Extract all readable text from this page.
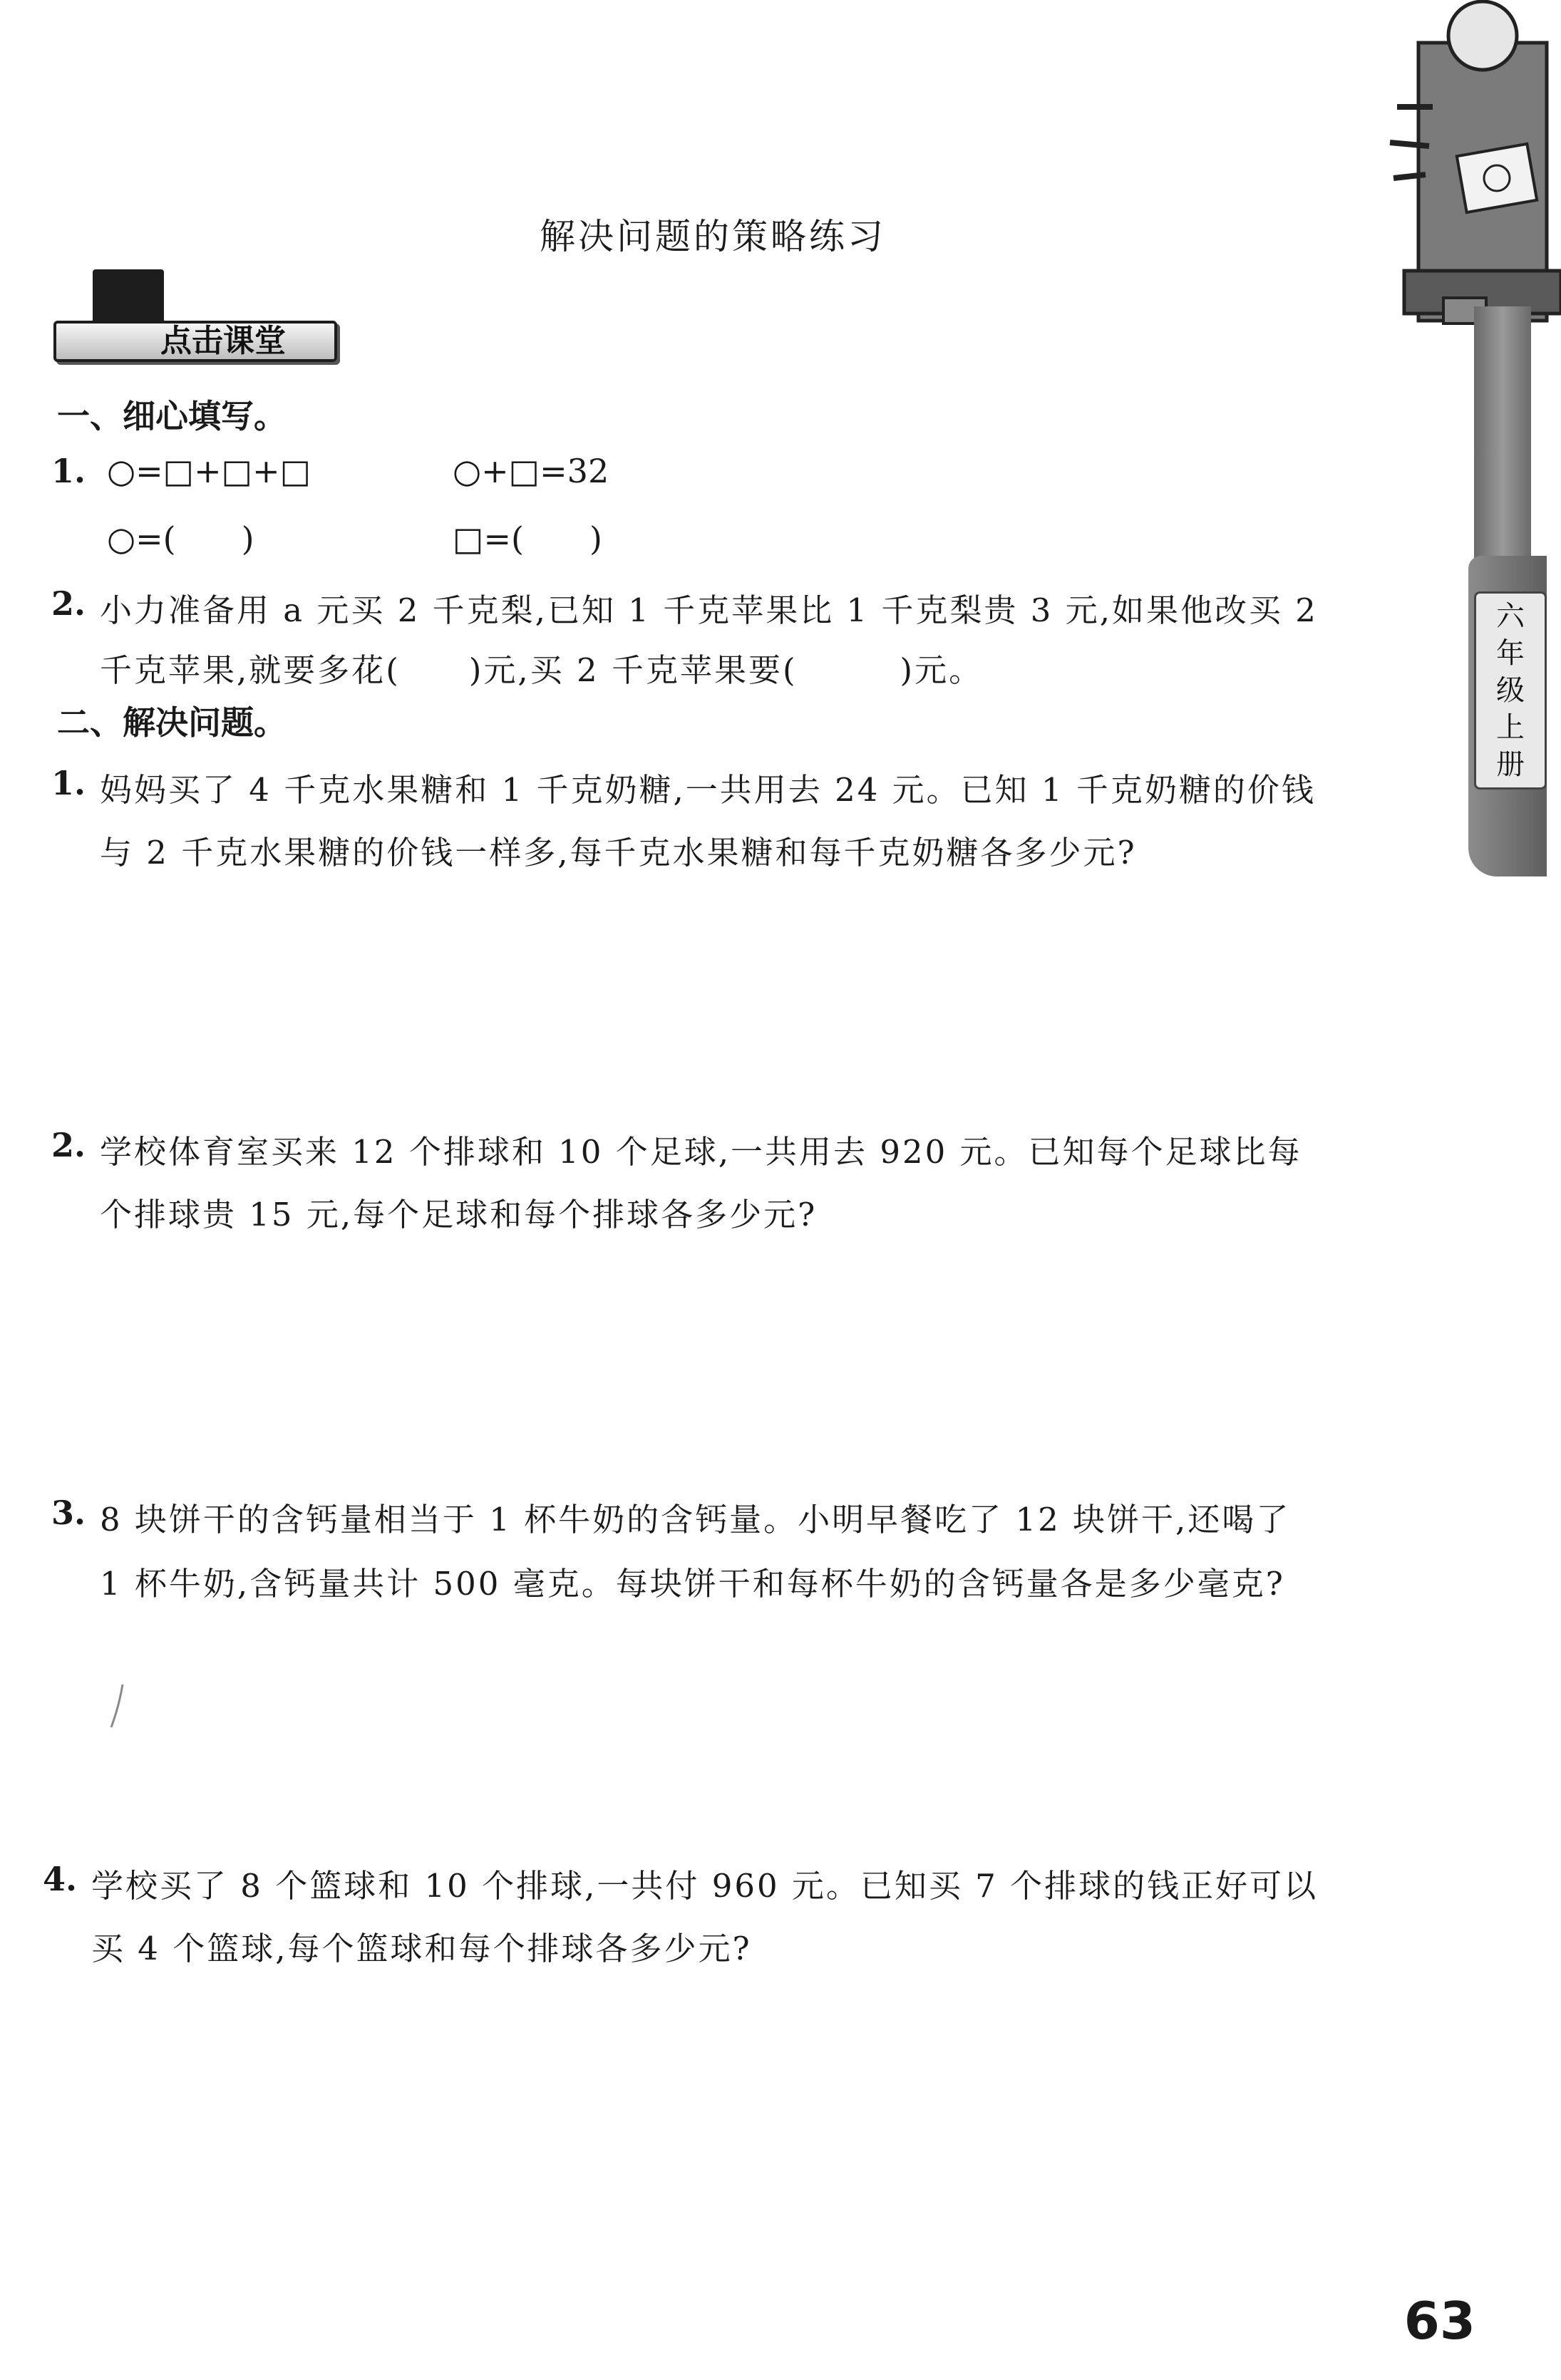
解决问题的策略练习
点击课堂
一、细心填写。
1. ○=□+□+□	○+□=32
○=(　　)	□=(　　)
2. 小力准备用 a 元买 2 千克梨,已知 1 千克苹果比 1 千克梨贵 3 元,如果他改买 2
千克苹果,就要多花(　　)元,买 2 千克苹果要(　　　)元。
二、解决问题。
1. 妈妈买了 4 千克水果糖和 1 千克奶糖,一共用去 24 元。已知 1 千克奶糖的价钱
与 2 千克水果糖的价钱一样多,每千克水果糖和每千克奶糖各多少元?
2. 学校体育室买来 12 个排球和 10 个足球,一共用去 920 元。已知每个足球比每
个排球贵 15 元,每个足球和每个排球各多少元?
3. 8 块饼干的含钙量相当于 1 杯牛奶的含钙量。小明早餐吃了 12 块饼干,还喝了
1 杯牛奶,含钙量共计 500 毫克。每块饼干和每杯牛奶的含钙量各是多少毫克?
4. 学校买了 8 个篮球和 10 个排球,一共付 960 元。已知买 7 个排球的钱正好可以
买 4 个篮球,每个篮球和每个排球各多少元?
六
年
级
上
册
63
